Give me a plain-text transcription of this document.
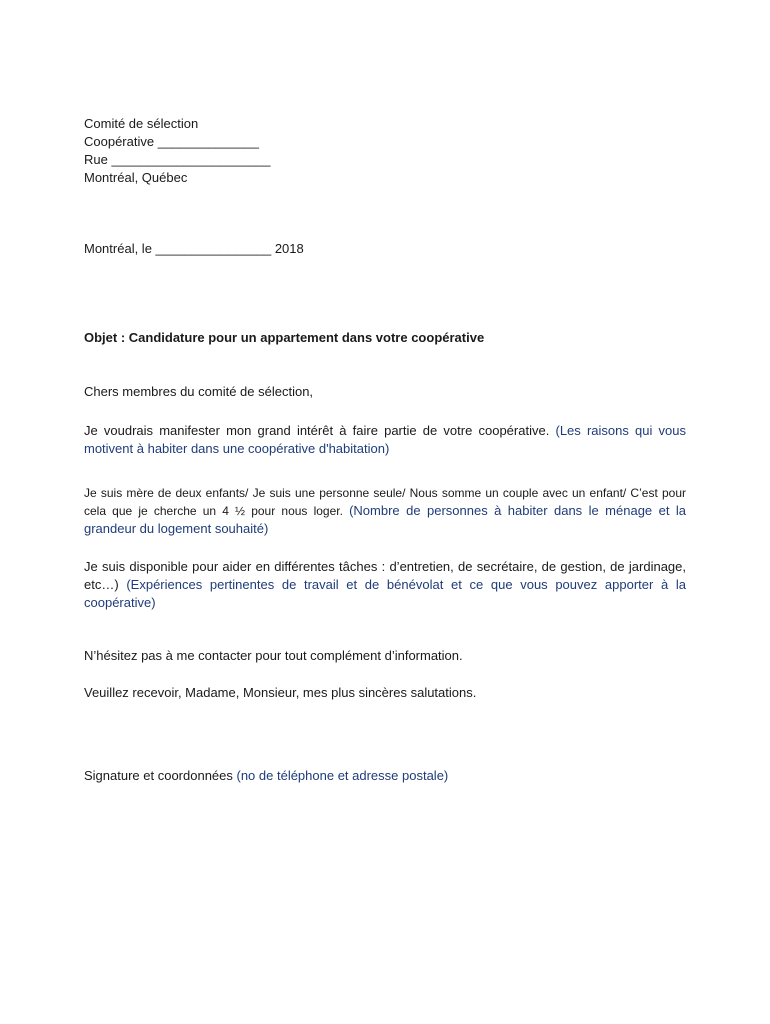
Comité de sélection
Coopérative ______________
Rue ______________________
Montréal, Québec
Montréal, le ________________ 2018
Objet : Candidature pour un appartement dans votre coopérative
Chers membres du comité de sélection,
Je voudrais manifester mon grand intérêt à faire partie de votre coopérative. (Les raisons qui vous motivent à habiter dans une coopérative d'habitation)
Je suis mère de deux enfants/ Je suis une personne seule/ Nous somme un couple avec un enfant/ C’est pour cela que je cherche un 4 ½ pour nous loger. (Nombre de personnes à habiter dans le ménage et la grandeur du logement souhaité)
Je suis disponible pour aider en différentes tâches : d’entretien, de secrétaire, de gestion, de jardinage, etc…) (Expériences pertinentes de travail et de bénévolat et ce que vous pouvez apporter à la coopérative)
N’hésitez pas à me contacter pour tout complément d’information.
Veuillez recevoir, Madame, Monsieur, mes plus sincères salutations.
Signature et coordonnées (no de téléphone et adresse postale)
